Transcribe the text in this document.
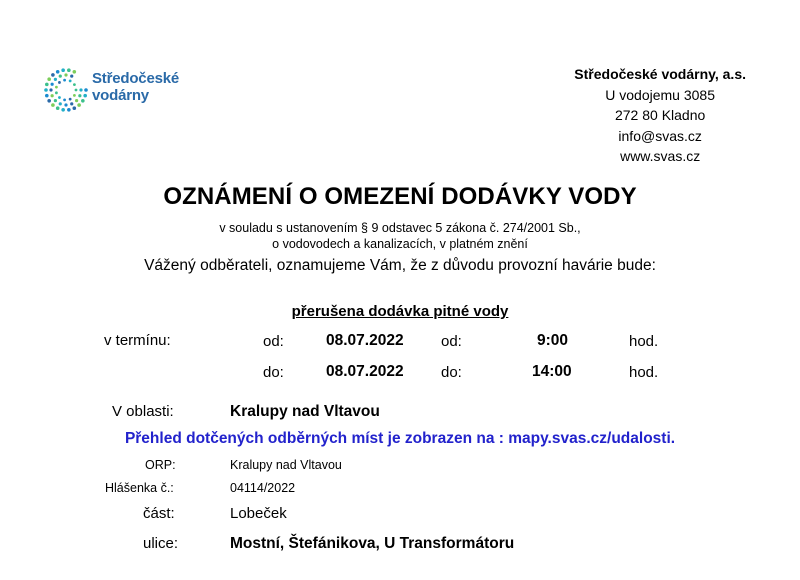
Středočeské
vodárny
Středočeské vodárny, a.s.
U vodojemu 3085
272 80 Kladno
info@svas.cz
www.svas.cz
OZNÁMENÍ O OMEZENÍ DODÁVKY VODY
v souladu s ustanovením § 9 odstavec 5 zákona č. 274/2001 Sb.,
o vodovodech a kanalizacích, v platném znění
Vážený odběrateli, oznamujeme Vám, že z důvodu provozní havárie bude:
přerušena dodávka pitné vody
v termínu:	od:	08.07.2022 od:	9:00	hod.
do:	08.07.2022 do:	14:00	hod.
V oblasti:	Kralupy nad Vltavou
Přehled dotčených odběrných míst je zobrazen na : mapy.svas.cz/udalosti.
ORP:	Kralupy nad Vltavou
Hlášenka č.:	04114/2022
část:	Lobeček
ulice:	Mostní, Štefánikova, U Transformátoru
